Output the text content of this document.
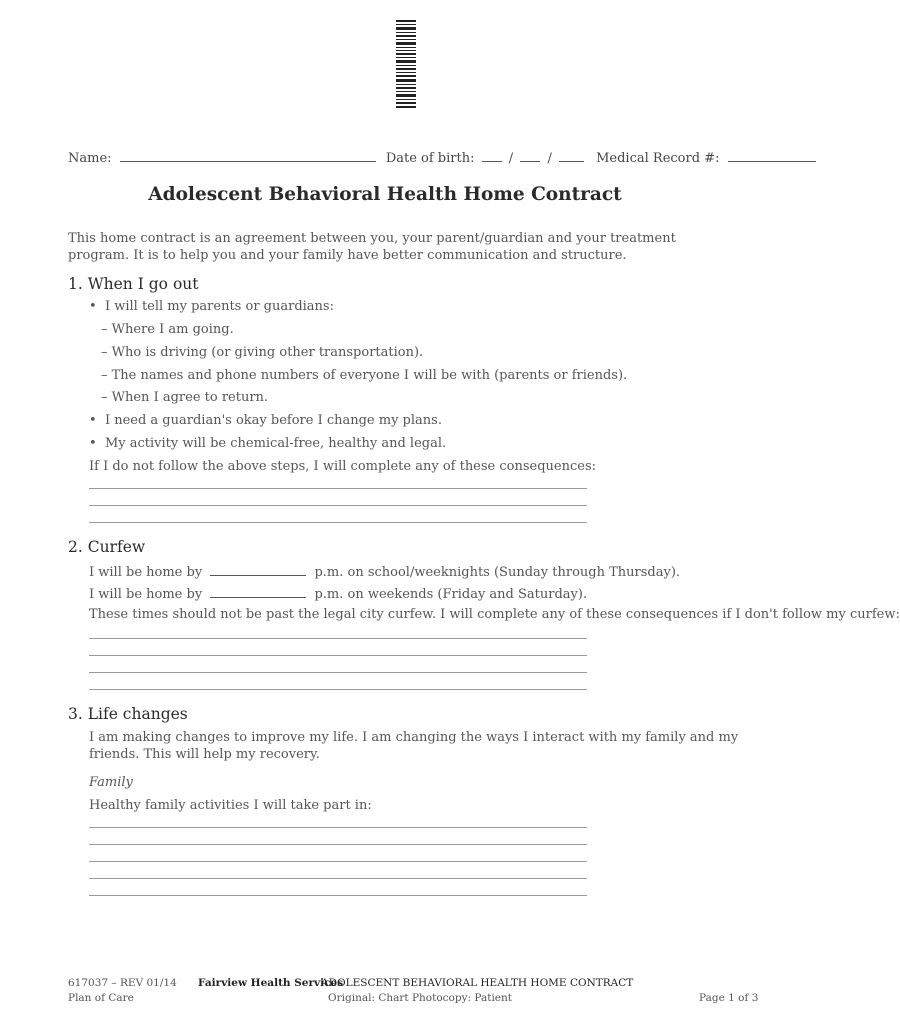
Name:	Date of birth:	/	/	Medical Record #:
Adolescent Behavioral Health Home Contract
This home contract is an agreement between you, your parent/guardian and your treatment program. It is to help you and your family have better communication and structure.
1. When I go out
• I will tell my parents or guardians:
– Where I am going.
– Who is driving (or giving other transportation).
– The names and phone numbers of everyone I will be with (parents or friends).
– When I agree to return.
• I need a guardian's okay before I change my plans.
• My activity will be chemical-free, healthy and legal.
If I do not follow the above steps, I will complete any of these consequences:
2. Curfew
I will be home by	p.m. on school/weeknights (Sunday through Thursday).
I will be home by	p.m. on weekends (Friday and Saturday).
These times should not be past the legal city curfew. I will complete any of these consequences if I don't follow my curfew:
3. Life changes
I am making changes to improve my life. I am changing the ways I interact with my family and my friends. This will help my recovery.
Family
Healthy family activities I will take part in:
617037 – REV 01/14
Plan of Care
Fairview Health Services
ADOLESCENT BEHAVIORAL HEALTH HOME CONTRACT
Original: Chart Photocopy: Patient	Page 1 of 3
